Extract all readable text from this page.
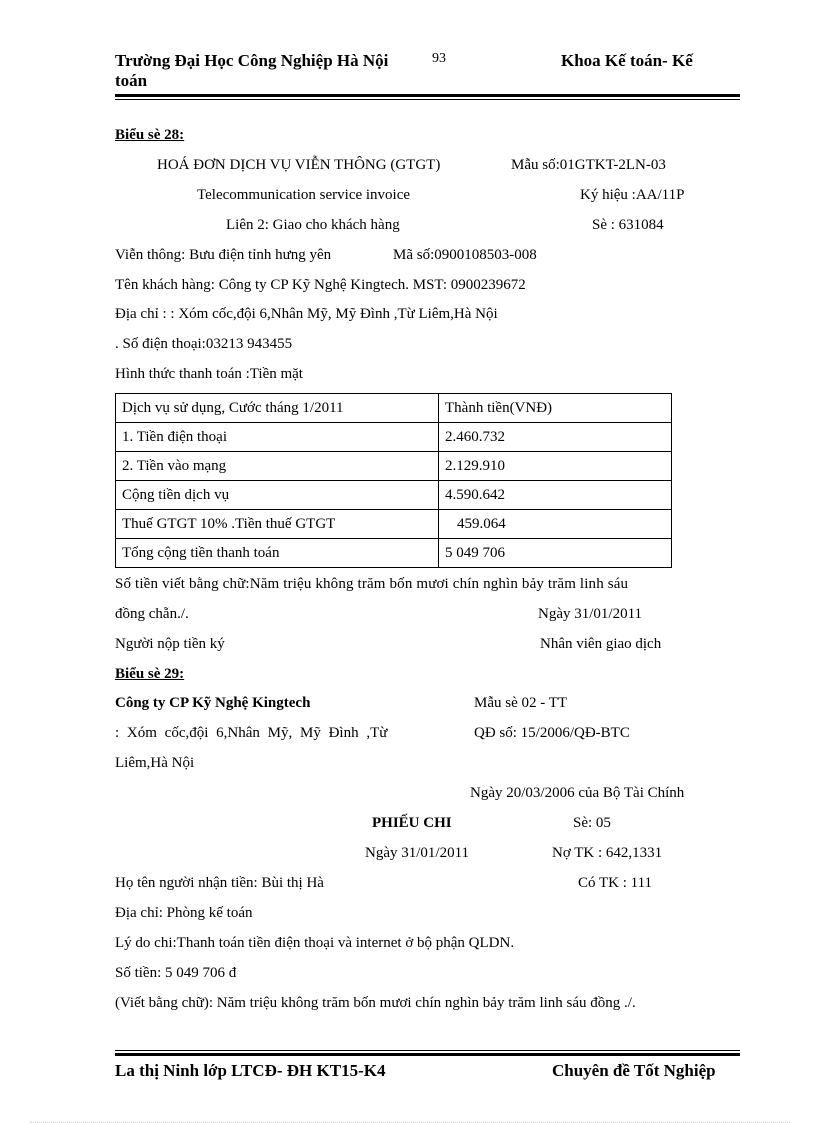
Trường Đại Học Công Nghiệp Hà Nội	93	Khoa Kế toán- Kế
toán
Biểu sè 28:
HOÁ ĐƠN DỊCH VỤ VIỄN THÔNG (GTGT)	Mẫu số:01GTKT-2LN-03
Telecommunication service invoice	Ký hiệu :AA/11P
Liên 2: Giao cho khách hàng	Sè : 631084
Viễn thông: Bưu điện tỉnh hưng yên	Mã số:0900108503-008
Tên khách hàng: Công ty CP Kỹ Nghệ Kingtech. MST: 0900239672
Địa chỉ : : Xóm cốc,đội 6,Nhân Mỹ, Mỹ Đình ,Từ Liêm,Hà Nội
. Số điện thoại:03213 943455
Hình thức thanh toán :Tiền mặt
Dịch vụ sử dụng, Cước tháng 1/2011	Thành tiền(VNĐ)
1. Tiền điện thoại	2.460.732
2. Tiền vào mạng	2.129.910
Cộng tiền dịch vụ	4.590.642
Thuế GTGT 10% .Tiền thuế GTGT	459.064
Tổng cộng tiền thanh toán	5 049 706
Số tiền viết bằng chữ:Năm triệu không trăm bốn mươi chín nghìn bảy trăm linh sáu
đồng chẵn./.	Ngày 31/01/2011
Người nộp tiền ký	Nhân viên giao dịch
Biểu sè 29:
Công ty CP Kỹ Nghệ Kingtech	Mẫu sè 02 - TT
: Xóm cốc,đội 6,Nhân Mỹ, Mỹ Đình ,Từ	QĐ số: 15/2006/QĐ-BTC
Liêm,Hà Nội
Ngày 20/03/2006 của Bộ Tài Chính
PHIẾU CHI	Sè: 05
Ngày 31/01/2011	Nợ TK : 642,1331
Họ tên người nhận tiền: Bùi thị Hà	Có TK : 111
Địa chỉ: Phòng kế toán
Lý do chi:Thanh toán tiền điện thoại và internet ở bộ phận QLDN.
Số tiền: 5 049 706 đ
(Viết bằng chữ): Năm triệu không trăm bốn mươi chín nghìn bảy trăm linh sáu đồng ./.
La thị Ninh lớp LTCĐ- ĐH KT15-K4	Chuyên đề Tốt Nghiệp
